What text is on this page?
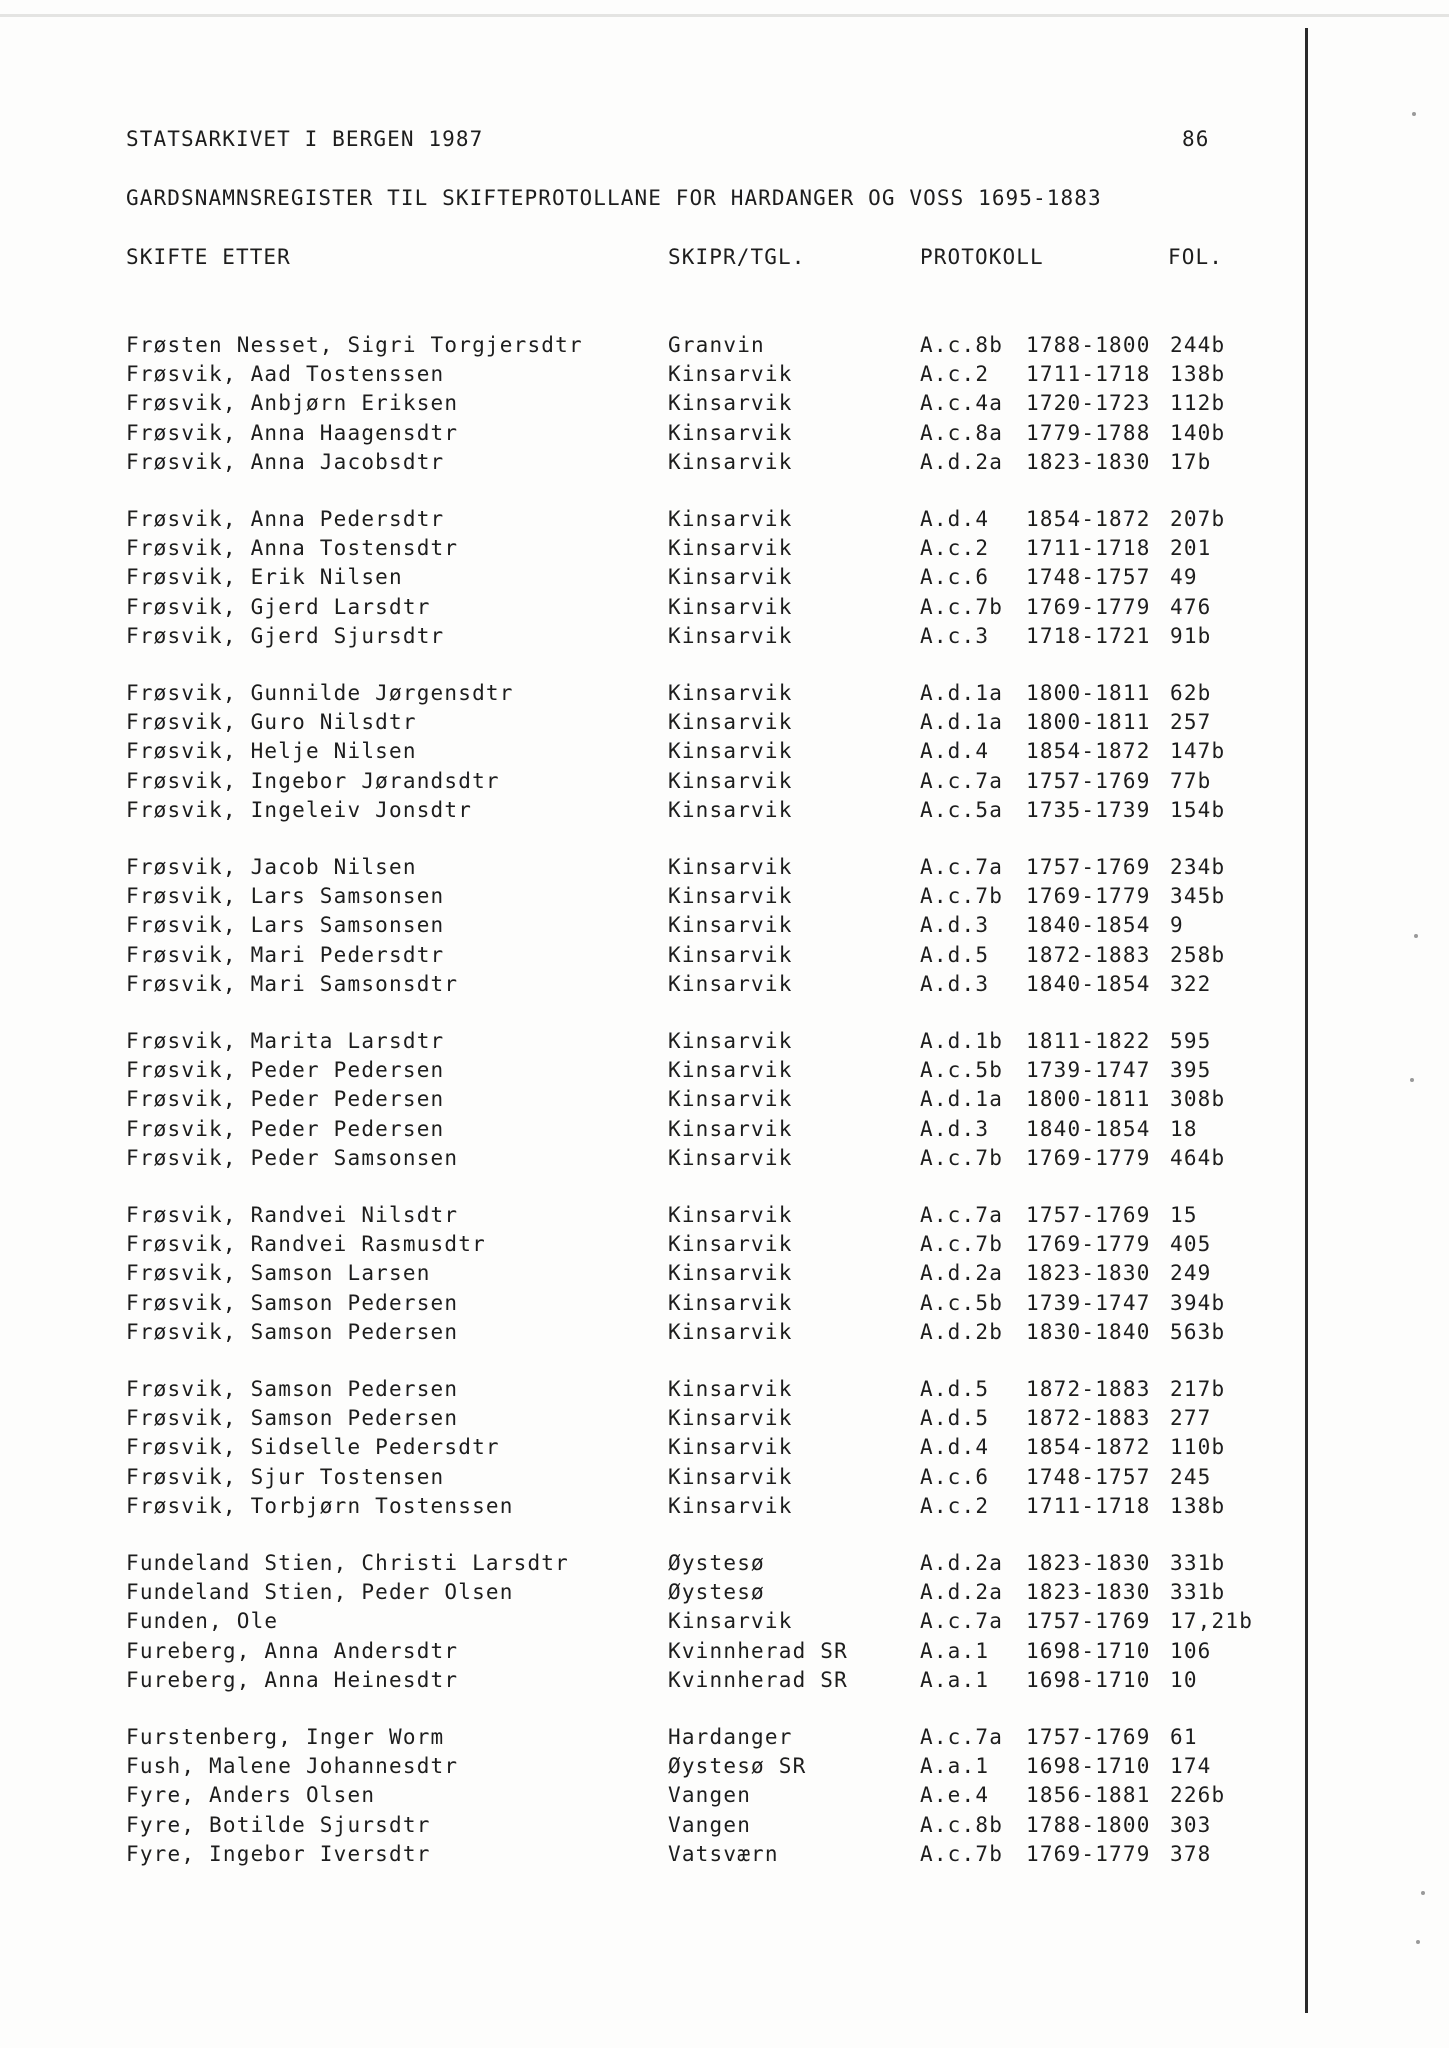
STATSARKIVET I BERGEN 1987	86
GARDSNAMNSREGISTER TIL SKIFTEPROTOLLANE FOR HARDANGER OG VOSS 1695-1883
SKIFTE ETTER	SKIPR/TGL.	PROTOKOLL	FOL.
Frøsten Nesset, Sigri Torgjersdtr	Granvin	A.c.8b 1788-1800 244b
Frøsvik, Aad Tostenssen	Kinsarvik	A.c.2 1711-1718 138b
Frøsvik, Anbjørn Eriksen	Kinsarvik	A.c.4a 1720-1723 112b
Frøsvik, Anna Haagensdtr	Kinsarvik	A.c.8a 1779-1788 140b
Frøsvik, Anna Jacobsdtr	Kinsarvik	A.d.2a 1823-1830 17b
Frøsvik, Anna Pedersdtr	Kinsarvik	A.d.4 1854-1872 207b
Frøsvik, Anna Tostensdtr	Kinsarvik	A.c.2 1711-1718 201
Frøsvik, Erik Nilsen	Kinsarvik	A.c.6 1748-1757 49
Frøsvik, Gjerd Larsdtr	Kinsarvik	A.c.7b 1769-1779 476
Frøsvik, Gjerd Sjursdtr	Kinsarvik	A.c.3 1718-1721 91b
Frøsvik, Gunnilde Jørgensdtr	Kinsarvik	A.d.1a 1800-1811 62b
Frøsvik, Guro Nilsdtr	Kinsarvik	A.d.1a 1800-1811 257
Frøsvik, Helje Nilsen	Kinsarvik	A.d.4 1854-1872 147b
Frøsvik, Ingebor Jørandsdtr	Kinsarvik	A.c.7a 1757-1769 77b
Frøsvik, Ingeleiv Jonsdtr	Kinsarvik	A.c.5a 1735-1739 154b
Frøsvik, Jacob Nilsen	Kinsarvik	A.c.7a 1757-1769 234b
Frøsvik, Lars Samsonsen	Kinsarvik	A.c.7b 1769-1779 345b
Frøsvik, Lars Samsonsen	Kinsarvik	A.d.3 1840-1854 9
Frøsvik, Mari Pedersdtr	Kinsarvik	A.d.5 1872-1883 258b
Frøsvik, Mari Samsonsdtr	Kinsarvik	A.d.3 1840-1854 322
Frøsvik, Marita Larsdtr	Kinsarvik	A.d.1b 1811-1822 595
Frøsvik, Peder Pedersen	Kinsarvik	A.c.5b 1739-1747 395
Frøsvik, Peder Pedersen	Kinsarvik	A.d.1a 1800-1811 308b
Frøsvik, Peder Pedersen	Kinsarvik	A.d.3 1840-1854 18
Frøsvik, Peder Samsonsen	Kinsarvik	A.c.7b 1769-1779 464b
Frøsvik, Randvei Nilsdtr	Kinsarvik	A.c.7a 1757-1769 15
Frøsvik, Randvei Rasmusdtr	Kinsarvik	A.c.7b 1769-1779 405
Frøsvik, Samson Larsen	Kinsarvik	A.d.2a 1823-1830 249
Frøsvik, Samson Pedersen	Kinsarvik	A.c.5b 1739-1747 394b
Frøsvik, Samson Pedersen	Kinsarvik	A.d.2b 1830-1840 563b
Frøsvik, Samson Pedersen	Kinsarvik	A.d.5 1872-1883 217b
Frøsvik, Samson Pedersen	Kinsarvik	A.d.5 1872-1883 277
Frøsvik, Sidselle Pedersdtr	Kinsarvik	A.d.4 1854-1872 110b
Frøsvik, Sjur Tostensen	Kinsarvik	A.c.6 1748-1757 245
Frøsvik, Torbjørn Tostenssen	Kinsarvik	A.c.2 1711-1718 138b
Fundeland Stien, Christi Larsdtr	Øystesø	A.d.2a 1823-1830 331b
Fundeland Stien, Peder Olsen	Øystesø	A.d.2a 1823-1830 331b
Funden, Ole	Kinsarvik	A.c.7a 1757-1769 17,21b
Fureberg, Anna Andersdtr	Kvinnherad SR	A.a.1 1698-1710 106
Fureberg, Anna Heinesdtr	Kvinnherad SR	A.a.1 1698-1710 10
Furstenberg, Inger Worm	Hardanger	A.c.7a 1757-1769 61
Fush, Malene Johannesdtr	Øystesø SR	A.a.1 1698-1710 174
Fyre, Anders Olsen	Vangen	A.e.4 1856-1881 226b
Fyre, Botilde Sjursdtr	Vangen	A.c.8b 1788-1800 303
Fyre, Ingebor Iversdtr	Vatsværn	A.c.7b 1769-1779 378
